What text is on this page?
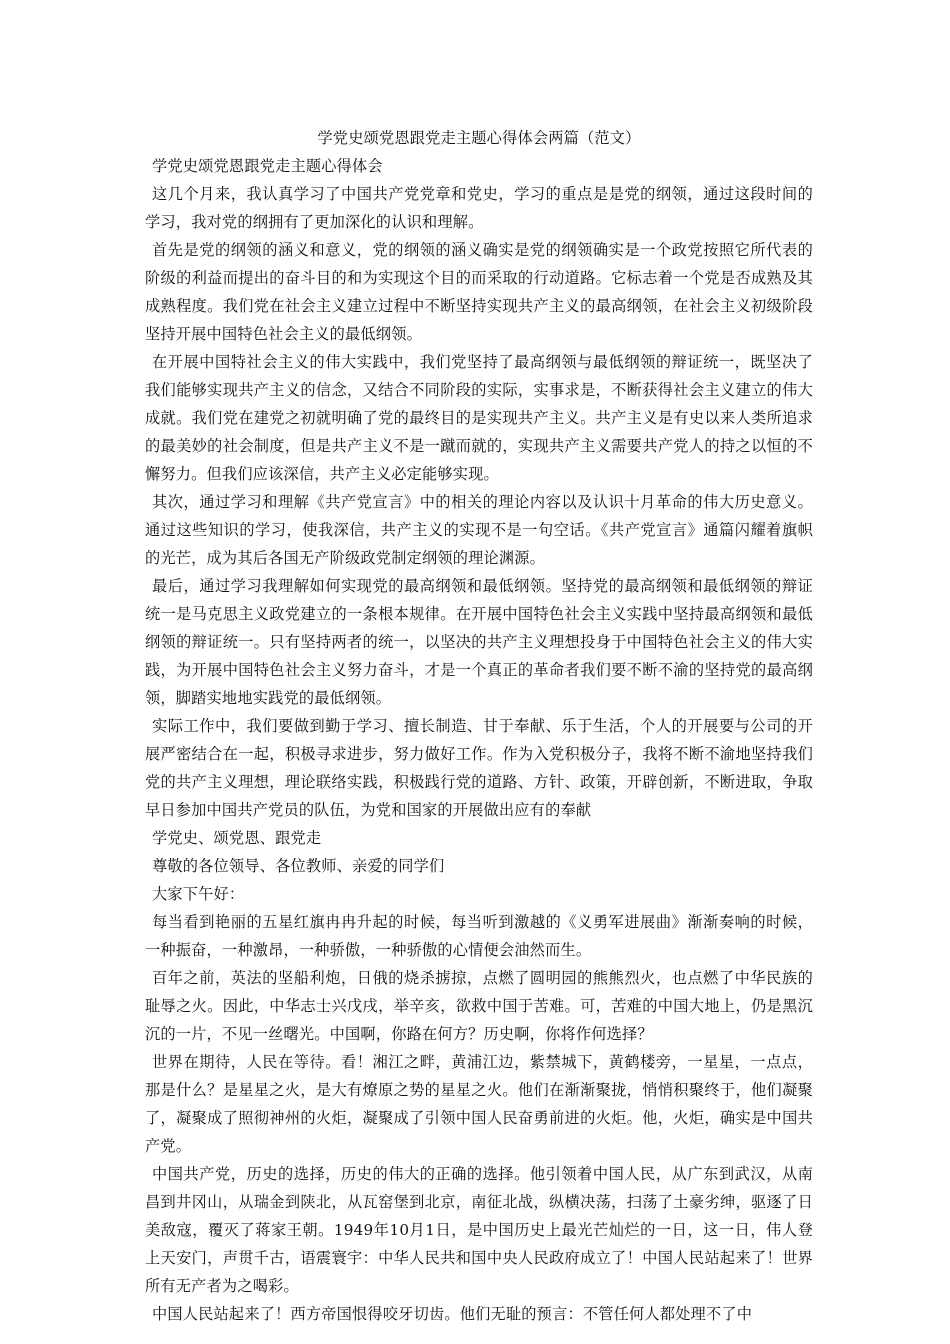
学党史颂党恩跟党走主题心得体会两篇（范文）

学党史颂党恩跟党走主题心得体会

这几个月来，我认真学习了中国共产党党章和党史，学习的重点是是党的纲领，通过这段时间的学习，我对党的纲拥有了更加深化的认识和理解。

首先是党的纲领的涵义和意义，党的纲领的涵义确实是党的纲领确实是一个政党按照它所代表的阶级的利益而提出的奋斗目的和为实现这个目的而采取的行动道路。它标志着一个党是否成熟及其成熟程度。我们党在社会主义建立过程中不断坚持实现共产主义的最高纲领，在社会主义初级阶段坚持开展中国特色社会主义的最低纲领。

在开展中国特社会主义的伟大实践中，我们党坚持了最高纲领与最低纲领的辩证统一，既坚决了我们能够实现共产主义的信念，又结合不同阶段的实际，实事求是，不断获得社会主义建立的伟大成就。我们党在建党之初就明确了党的最终目的是实现共产主义。共产主义是有史以来人类所追求的最美妙的社会制度，但是共产主义不是一蹴而就的，实现共产主义需要共产党人的持之以恒的不懈努力。但我们应该深信，共产主义必定能够实现。

其次，通过学习和理解《共产党宣言》中的相关的理论内容以及认识十月革命的伟大历史意义。通过这些知识的学习，使我深信，共产主义的实现不是一句空话。《共产党宣言》通篇闪耀着旗帜的光芒，成为其后各国无产阶级政党制定纲领的理论渊源。

最后，通过学习我理解如何实现党的最高纲领和最低纲领。坚持党的最高纲领和最低纲领的辩证统一是马克思主义政党建立的一条根本规律。在开展中国特色社会主义实践中坚持最高纲领和最低纲领的辩证统一。只有坚持两者的统一，以坚决的共产主义理想投身于中国特色社会主义的伟大实践，为开展中国特色社会主义努力奋斗，才是一个真正的革命者我们要不断不渝的坚持党的最高纲领，脚踏实地地实践党的最低纲领。

实际工作中，我们要做到勤于学习、擅长制造、甘于奉献、乐于生活，个人的开展要与公司的开展严密结合在一起，积极寻求进步，努力做好工作。作为入党积极分子，我将不断不渝地坚持我们党的共产主义理想，理论联络实践，积极践行党的道路、方针、政策，开辟创新，不断进取，争取早日参加中国共产党员的队伍，为党和国家的开展做出应有的奉献

学党史、颂党恩、跟党走

尊敬的各位领导、各位教师、亲爱的同学们

大家下午好：

每当看到艳丽的五星红旗冉冉升起的时候，每当听到激越的《义勇军进展曲》渐渐奏响的时候，一种振奋，一种激昂，一种骄傲，一种骄傲的心情便会油然而生。

百年之前，英法的坚船利炮，日俄的烧杀掳掠，点燃了圆明园的熊熊烈火，也点燃了中华民族的耻辱之火。因此，中华志士兴戊戌，举辛亥，欲救中国于苦难。可，苦难的中国大地上，仍是黑沉沉的一片，不见一丝曙光。中国啊，你路在何方？历史啊，你将作何选择？

世界在期待，人民在等待。看！湘江之畔，黄浦江边，紫禁城下，黄鹤楼旁，一星星，一点点，那是什么？是星星之火，是大有燎原之势的星星之火。他们在渐渐聚拢，悄悄积聚终于，他们凝聚了，凝聚成了照彻神州的火炬，凝聚成了引领中国人民奋勇前进的火炬。他，火炬，确实是中国共产党。

中国共产党，历史的选择，历史的伟大的正确的选择。他引领着中国人民，从广东到武汉，从南昌到井冈山，从瑞金到陕北，从瓦窑堡到北京，南征北战，纵横决荡，扫荡了土豪劣绅，驱逐了日美敌寇，覆灭了蒋家王朝。1949年10月1日，是中国历史上最光芒灿烂的一日，这一日，伟人登上天安门，声贯千古，语震寰宇：中华人民共和国中央人民政府成立了！中国人民站起来了！世界所有无产者为之喝彩。

中国人民站起来了！西方帝国恨得咬牙切齿。他们无耻的预言：不管任何人都处理不了中
